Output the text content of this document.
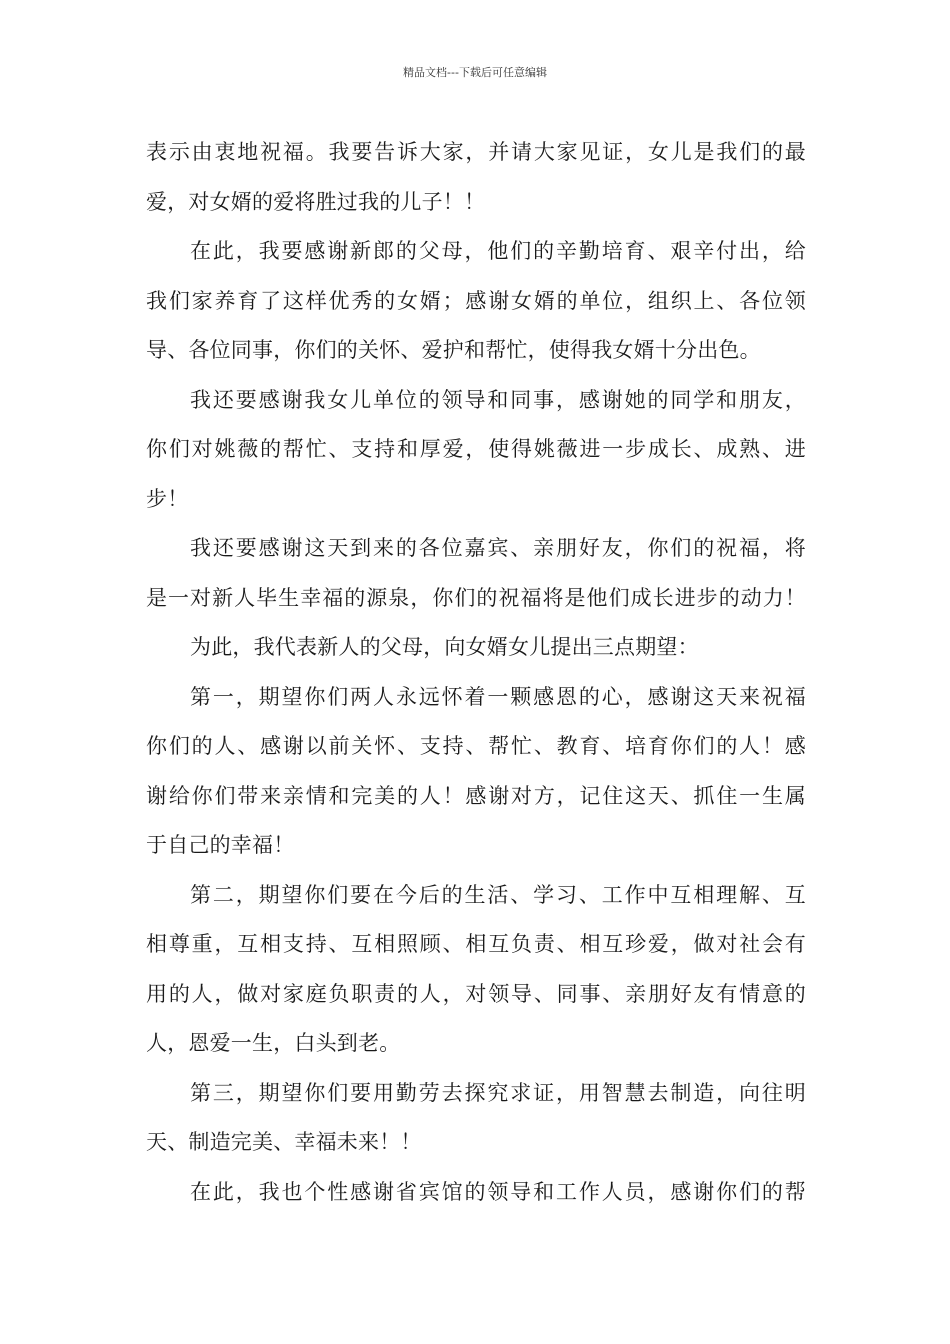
精品文档---下载后可任意编辑
表示由衷地祝福。我要告诉大家，并请大家见证，女儿是我们的最
爱，对女婿的爱将胜过我的儿子！！
在此，我要感谢新郎的父母，他们的辛勤培育、艰辛付出，给
我们家养育了这样优秀的女婿；感谢女婿的单位，组织上、各位领
导、各位同事，你们的关怀、爱护和帮忙，使得我女婿十分出色。
我还要感谢我女儿单位的领导和同事，感谢她的同学和朋友，
你们对姚薇的帮忙、支持和厚爱，使得姚薇进一步成长、成熟、进
步！
我还要感谢这天到来的各位嘉宾、亲朋好友，你们的祝福，将
是一对新人毕生幸福的源泉，你们的祝福将是他们成长进步的动力！
为此，我代表新人的父母，向女婿女儿提出三点期望：
第一，期望你们两人永远怀着一颗感恩的心，感谢这天来祝福
你们的人、感谢以前关怀、支持、帮忙、教育、培育你们的人！感
谢给你们带来亲情和完美的人！感谢对方，记住这天、抓住一生属
于自己的幸福！
第二，期望你们要在今后的生活、学习、工作中互相理解、互
相尊重，互相支持、互相照顾、相互负责、相互珍爱，做对社会有
用的人，做对家庭负职责的人，对领导、同事、亲朋好友有情意的
人，恩爱一生，白头到老。
第三，期望你们要用勤劳去探究求证，用智慧去制造，向往明
天、制造完美、幸福未来！！
在此，我也个性感谢省宾馆的领导和工作人员，感谢你们的帮
